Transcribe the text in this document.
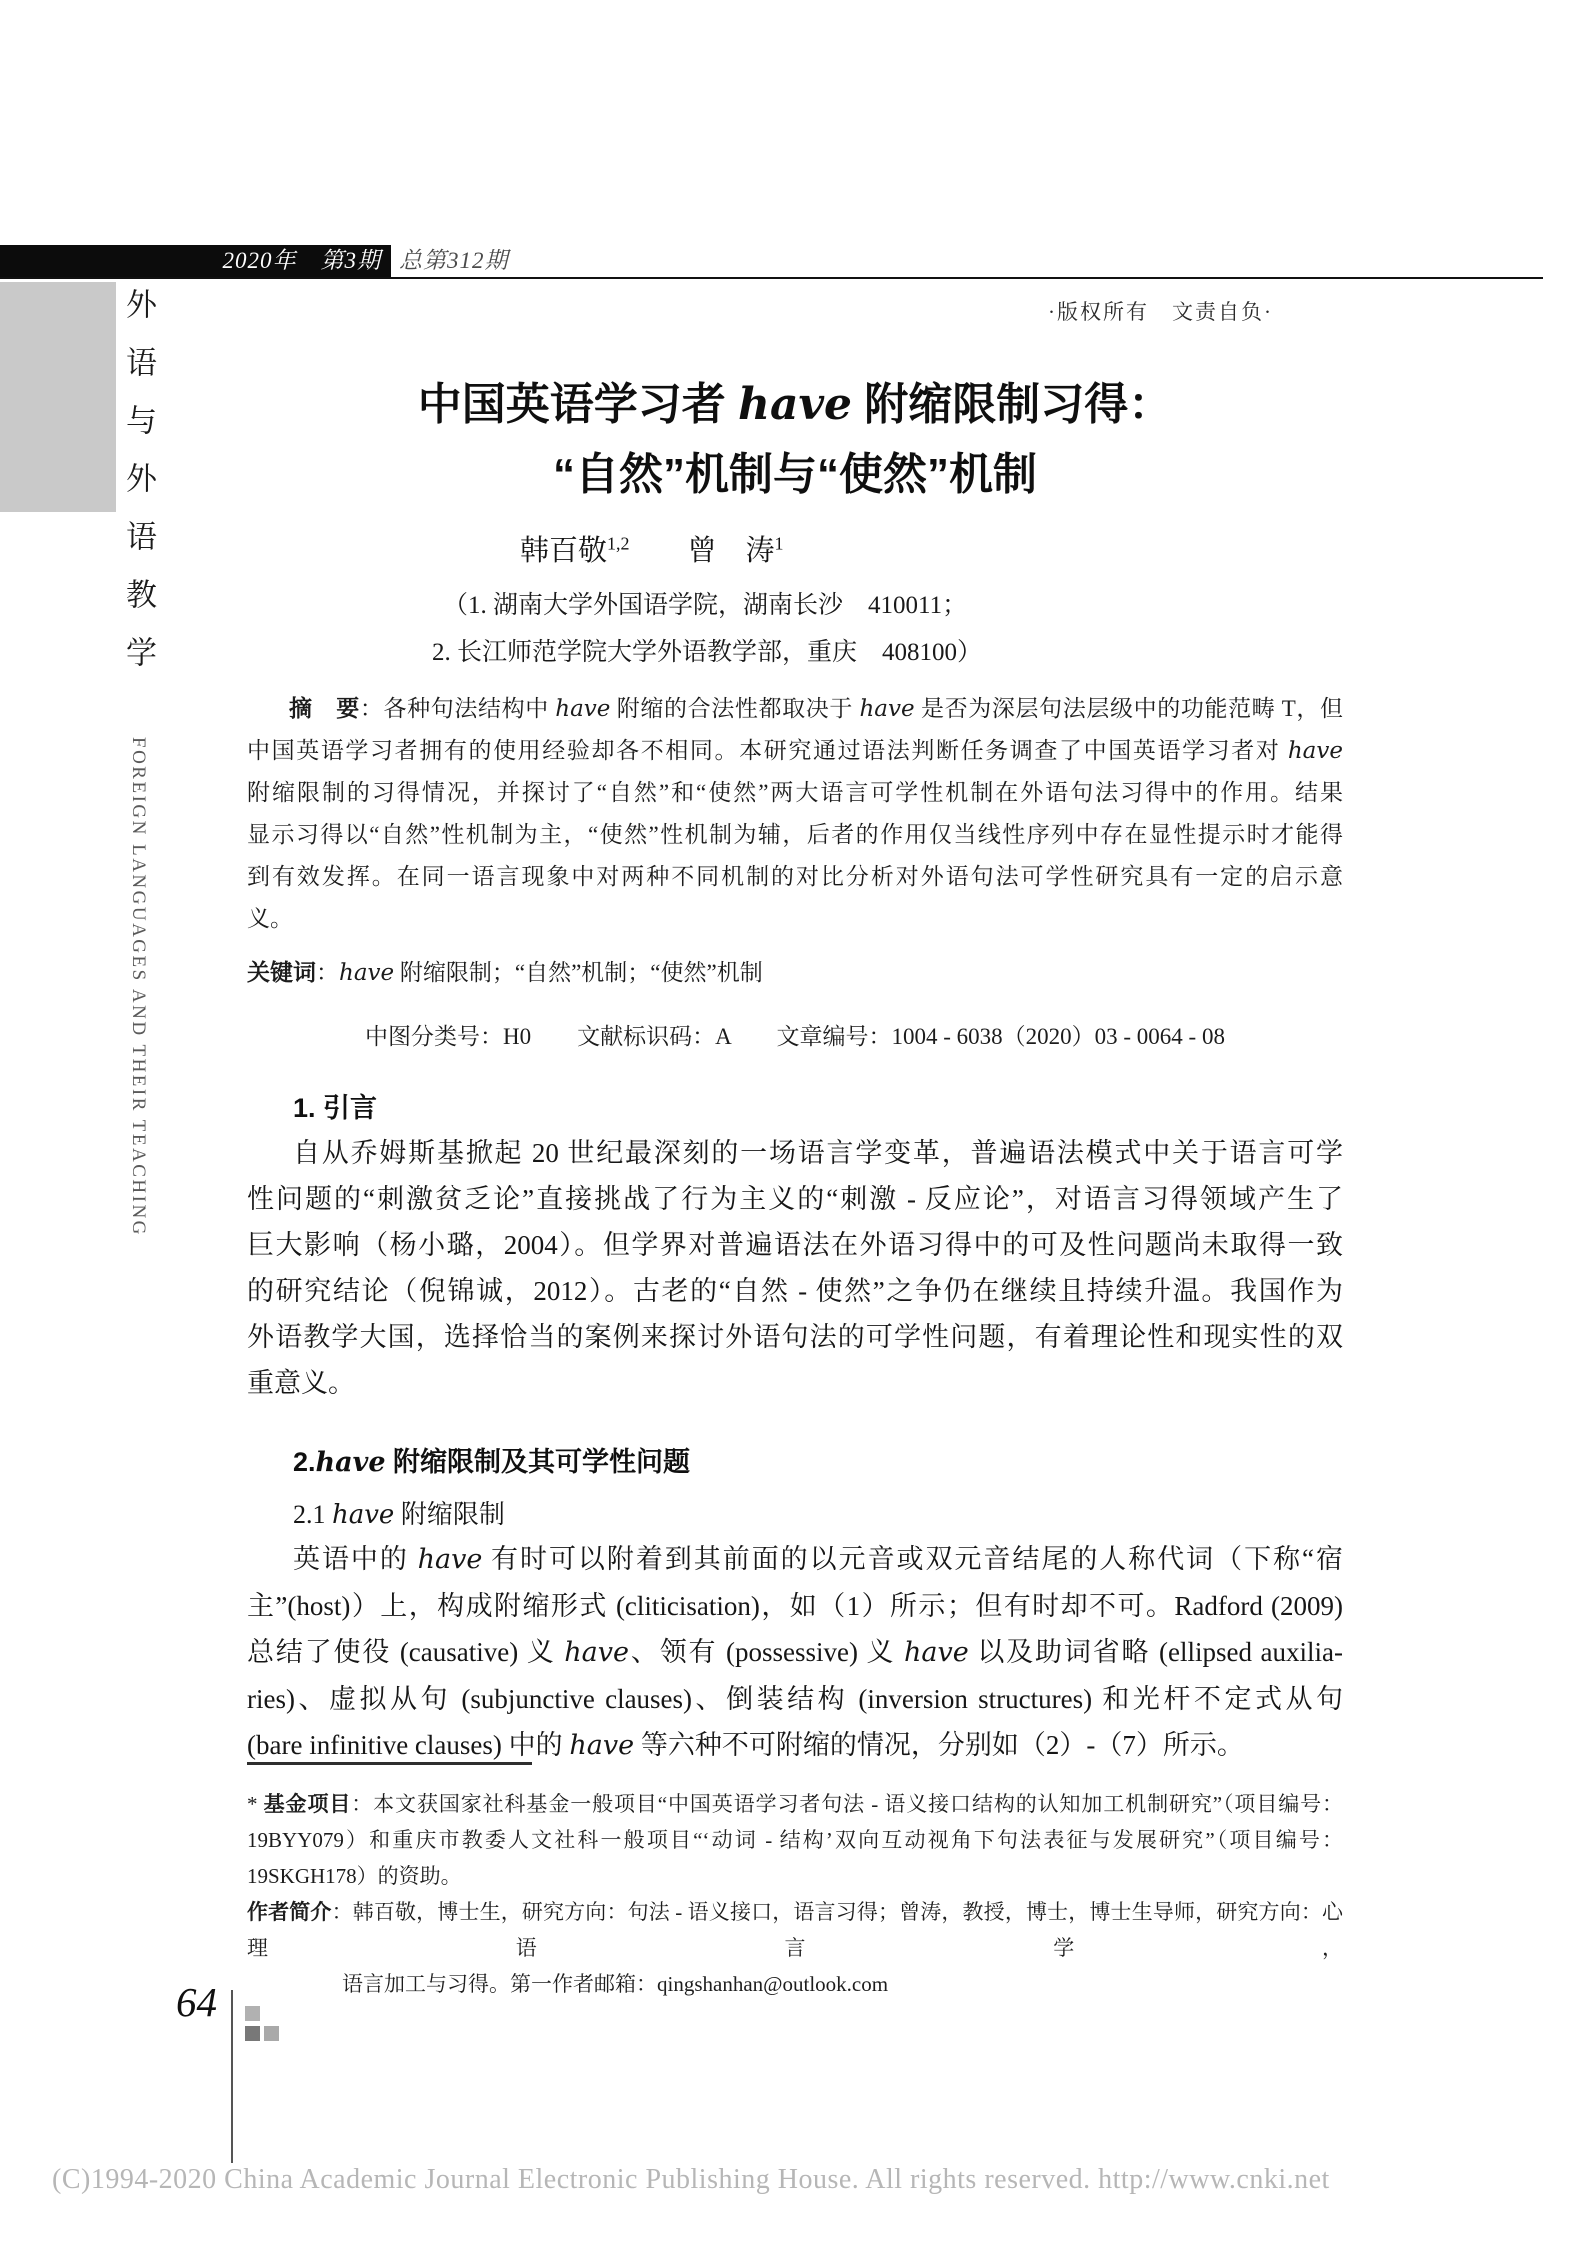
2020年　第3期 总第312期
·版权所有　文责自负·
外语与外语教学
FOREIGN LANGUAGES AND THEIR TEACHING
中国英语学习者 have 附缩限制习得：
“自然”机制与“使然”机制
韩百敬$^{1,2}$　　曾　涛$^1$
（1. 湖南大学外国语学院，湖南长沙　410011；
2. 长江师范学院大学外语教学部，重庆　408100）
摘　要：各种句法结构中 have 附缩的合法性都取决于 have 是否为深层句法层级中的功能范畴 T，但
中国英语学习者拥有的使用经验却各不相同。本研究通过语法判断任务调查了中国英语学习者对 have
附缩限制的习得情况，并探讨了“自然”和“使然”两大语言可学性机制在外语句法习得中的作用。结果
显示习得以“自然”性机制为主，“使然”性机制为辅，后者的作用仅当线性序列中存在显性提示时才能得
到有效发挥。在同一语言现象中对两种不同机制的对比分析对外语句法可学性研究具有一定的启示意
义。
关键词：have 附缩限制；“自然”机制；“使然”机制
中图分类号：H0　　文献标识码：A　　文章编号：1004 - 6038（2020）03 - 0064 - 08
1. 引言
自从乔姆斯基掀起 20 世纪最深刻的一场语言学变革，普遍语法模式中关于语言可学
性问题的“刺激贫乏论”直接挑战了行为主义的“刺激 - 反应论”，对语言习得领域产生了
巨大影响（杨小璐，2004）。但学界对普遍语法在外语习得中的可及性问题尚未取得一致
的研究结论（倪锦诚，2012）。古老的“自然 - 使然”之争仍在继续且持续升温。我国作为
外语教学大国，选择恰当的案例来探讨外语句法的可学性问题，有着理论性和现实性的双
重意义。
2.have 附缩限制及其可学性问题
2.1 have 附缩限制
英语中的 have 有时可以附着到其前面的以元音或双元音结尾的人称代词（下称“宿
主”(host)）上，构成附缩形式 (cliticisation)，如（1）所示；但有时却不可。Radford (2009)
总结了使役 (causative) 义 have、领有 (possessive) 义 have 以及助词省略 (ellipsed auxilia-
ries)、虚拟从句 (subjunctive clauses)、倒装结构 (inversion structures) 和光杆不定式从句
(bare infinitive clauses) 中的 have 等六种不可附缩的情况，分别如（2）-（7）所示。
* 基金项目：本文获国家社科基金一般项目“中国英语学习者句法 - 语义接口结构的认知加工机制研究”（项目编号：
19BYY079）和重庆市教委人文社科一般项目“‘动词 - 结构’双向互动视角下句法表征与发展研究”（项目编号：
19SKGH178）的资助。
作者简介：韩百敬，博士生，研究方向：句法 - 语义接口，语言习得；曾涛，教授，博士，博士生导师，研究方向：心理语言学，
语言加工与习得。第一作者邮箱：qingshanhan@outlook.com
64
(C)1994-2020 China Academic Journal Electronic Publishing House. All rights reserved. http://www.cnki.net
